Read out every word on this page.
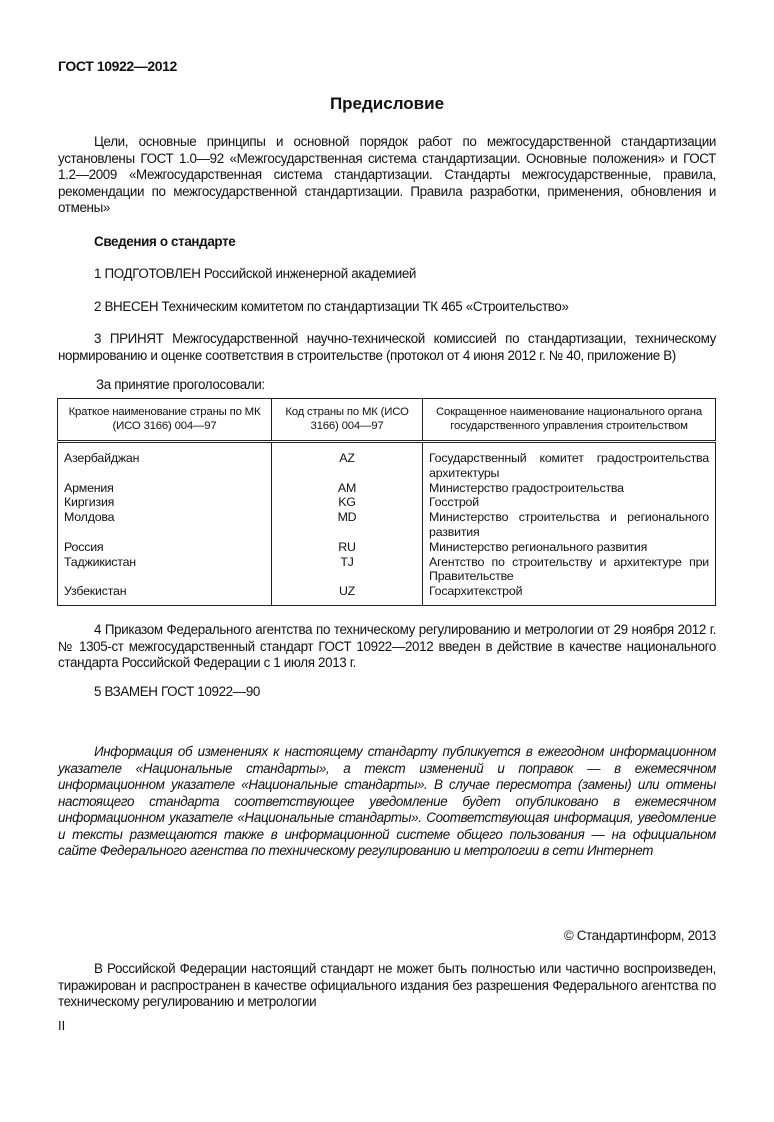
ГОСТ 10922—2012
Предисловие
Цели, основные принципы и основной порядок работ по межгосударственной стандартизации установлены ГОСТ 1.0—92 «Межгосударственная система стандартизации. Основные положения» и ГОСТ 1.2—2009 «Межгосударственная система стандартизации. Стандарты межгосударственные, правила, рекомендации по межгосударственной стандартизации. Правила разработки, применения, обновления и отмены»
Сведения о стандарте
1 ПОДГОТОВЛЕН Российской инженерной академией
2 ВНЕСЕН Техническим комитетом по стандартизации ТК 465 «Строительство»
3 ПРИНЯТ Межгосударственной научно-технической комиссией по стандартизации, техническому нормированию и оценке соответствия в строительстве (протокол от 4 июня 2012 г. № 40, приложение В)
За принятие проголосовали:
Краткое наименование страны по МК (ИСО 3166) 004—97	Код страны по МК (ИСО 3166) 004—97	Сокращенное наименование национального органа государственного управления строительством
Азербайджан	AZ	Государственный комитет градостроительства архитектуры
Армения	AM	Министерство градостроительства
Киргизия	KG	Госстрой
Молдова	MD	Министерство строительства и регионального развития
Россия	RU	Министерство регионального развития
Таджикистан	TJ	Агентство по строительству и архитектуре при Правительстве
Узбекистан	UZ	Госархитекстрой
4 Приказом Федерального агентства по техническому регулированию и метрологии от 29 ноября 2012 г. № 1305-ст межгосударственный стандарт ГОСТ 10922—2012 введен в действие в качестве национального стандарта Российской Федерации с 1 июля 2013 г.
5 ВЗАМЕН ГОСТ 10922—90
Информация об изменениях к настоящему стандарту публикуется в ежегодном информационном указателе «Национальные стандарты», а текст изменений и поправок — в ежемесячном информационном указателе «Национальные стандарты». В случае пересмотра (замены) или отмены настоящего стандарта соответствующее уведомление будет опубликовано в ежемесячном информационном указателе «Национальные стандарты». Соответствующая информация, уведомление и тексты размещаются также в информационной системе общего пользования — на официальном сайте Федерального агенства по техническому регулированию и метрологии в сети Интернет
© Стандартинформ, 2013
В Российской Федерации настоящий стандарт не может быть полностью или частично воспроизведен, тиражирован и распространен в качестве официального издания без разрешения Федерального агентства по техническому регулированию и метрологии
II
